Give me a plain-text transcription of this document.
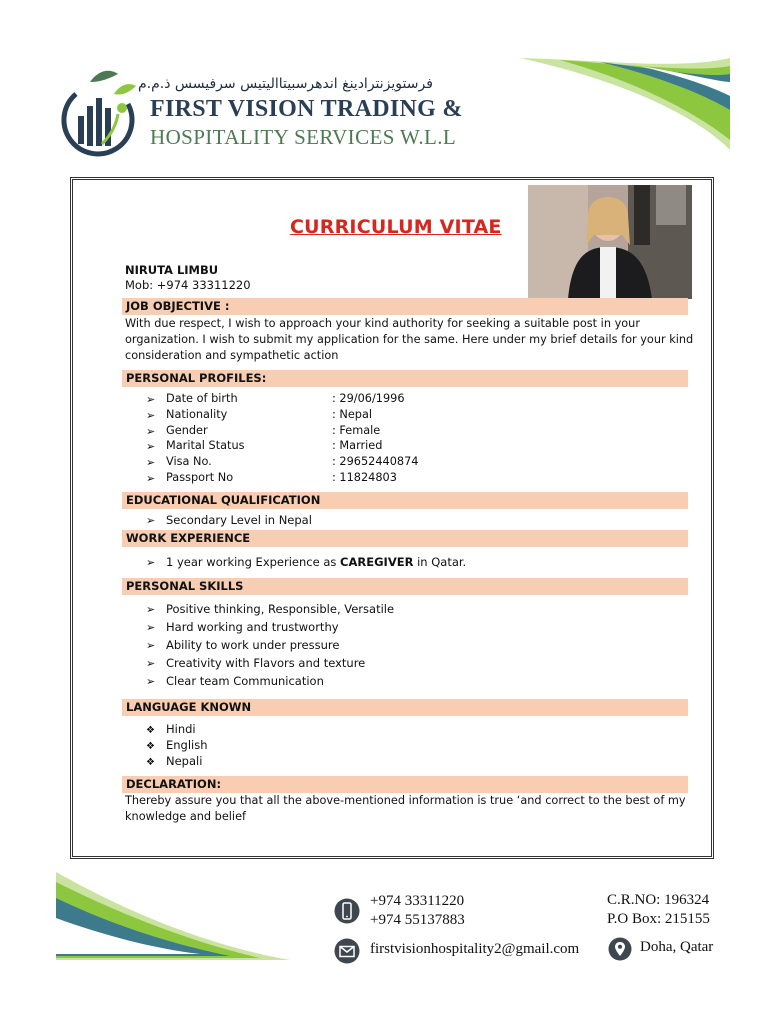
فرستويزنترادينغ اندهرسبيتااليتيس سرفيسس ذ.م.م
FIRST VISION TRADING &
HOSPITALITY SERVICES W.L.L
CURRICULUM VITAE
NIRUTA LIMBU
Mob: +974 33311220
JOB OBJECTIVE :
With due respect, I wish to approach your kind authority for seeking a suitable post in your organization. I wish to submit my application for the same. Here under my brief details for your kind consideration and sympathetic action
PERSONAL PROFILES:
➢ Date of birth	: 29/06/1996
➢ Nationality	: Nepal
➢ Gender	: Female
➢ Marital Status	: Married
➢ Visa No.	: 29652440874
➢ Passport No	: 11824803
EDUCATIONAL QUALIFICATION
➢ Secondary Level in Nepal
WORK EXPERIENCE
➢ 1 year working Experience as CAREGIVER in Qatar.
PERSONAL SKILLS
➢ Positive thinking, Responsible, Versatile
➢ Hard working and trustworthy
➢ Ability to work under pressure
➢ Creativity with Flavors and texture
➢ Clear team Communication
LANGUAGE KNOWN
❖ Hindi
❖ English
❖ Nepali
DECLARATION:
Thereby assure you that all the above-mentioned information is true ‘and correct to the best of my knowledge and belief
+974 33311220
+974 55137883
firstvisionhospitality2@gmail.com
C.R.NO: 196324
P.O Box: 215155
Doha, Qatar
